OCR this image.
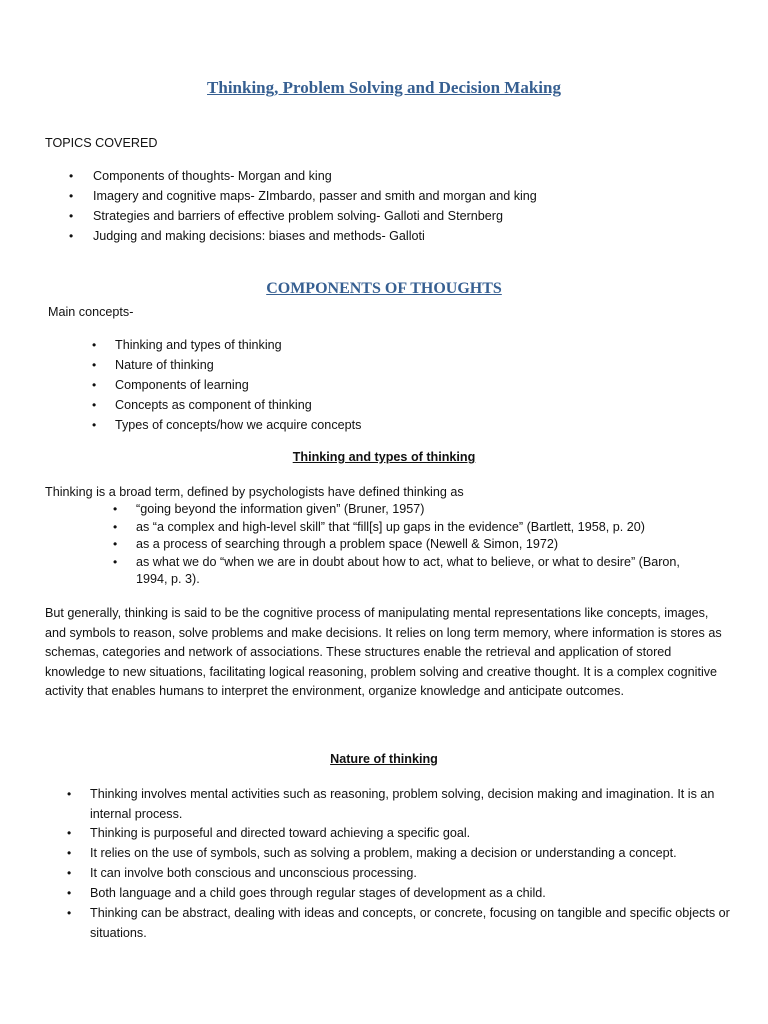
Thinking, Problem Solving and Decision Making
TOPICS COVERED
• Components of thoughts- Morgan and king
• Imagery and cognitive maps- ZImbardo, passer and smith and morgan and king
• Strategies and barriers of effective problem solving- Galloti and Sternberg
• Judging and making decisions: biases and methods- Galloti
COMPONENTS OF THOUGHTS
Main concepts-
• Thinking and types of thinking
• Nature of thinking
• Components of learning
• Concepts as component of thinking
• Types of concepts/how we acquire concepts
Thinking and types of thinking
Thinking is a broad term, defined by psychologists have defined thinking as
• “going beyond the information given” (Bruner, 1957)
• as “a complex and high-level skill” that “fill[s] up gaps in the evidence” (Bartlett, 1958, p. 20)
• as a process of searching through a problem space (Newell & Simon, 1972)
• as what we do “when we are in doubt about how to act, what to believe, or what to desire” (Baron, 1994, p. 3).
But generally, thinking is said to be the cognitive process of manipulating mental representations like concepts, images, and symbols to reason, solve problems and make decisions. It relies on long term memory, where information is stores as schemas, categories and network of associations. These structures enable the retrieval and application of stored knowledge to new situations, facilitating logical reasoning, problem solving and creative thought. It is a complex cognitive activity that enables humans to interpret the environment, organize knowledge and anticipate outcomes.
Nature of thinking
• Thinking involves mental activities such as reasoning, problem solving, decision making and imagination. It is an internal process.
• Thinking is purposeful and directed toward achieving a specific goal.
• It relies on the use of symbols, such as solving a problem, making a decision or understanding a concept.
• It can involve both conscious and unconscious processing.
• Both language and a child goes through regular stages of development as a child.
• Thinking can be abstract, dealing with ideas and concepts, or concrete, focusing on tangible and specific objects or situations.
